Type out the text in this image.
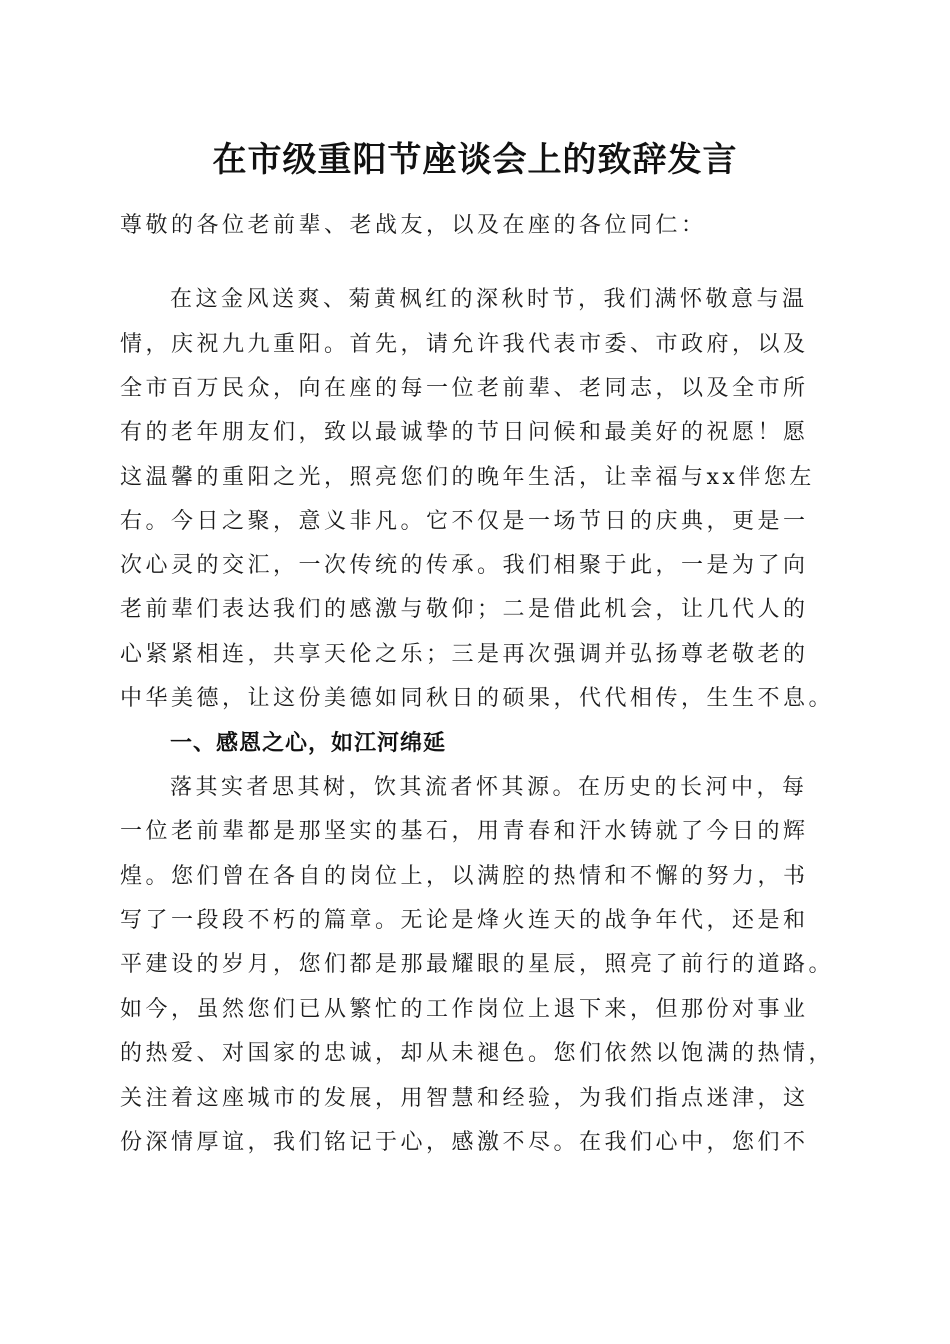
在市级重阳节座谈会上的致辞发言
尊敬的各位老前辈、老战友，以及在座的各位同仁：
在这金风送爽、菊黄枫红的深秋时节，我们满怀敬意与温
情，庆祝九九重阳。首先，请允许我代表市委、市政府，以及
全市百万民众，向在座的每一位老前辈、老同志，以及全市所
有的老年朋友们，致以最诚挚的节日问候和最美好的祝愿！愿
这温馨的重阳之光，照亮您们的晚年生活，让幸福与xx伴您左
右。今日之聚，意义非凡。它不仅是一场节日的庆典，更是一
次心灵的交汇，一次传统的传承。我们相聚于此，一是为了向
老前辈们表达我们的感激与敬仰；二是借此机会，让几代人的
心紧紧相连，共享天伦之乐；三是再次强调并弘扬尊老敬老的
中华美德，让这份美德如同秋日的硕果，代代相传，生生不息。
一、感恩之心，如江河绵延
落其实者思其树，饮其流者怀其源。在历史的长河中，每
一位老前辈都是那坚实的基石，用青春和汗水铸就了今日的辉
煌。您们曾在各自的岗位上，以满腔的热情和不懈的努力，书
写了一段段不朽的篇章。无论是烽火连天的战争年代，还是和
平建设的岁月，您们都是那最耀眼的星辰，照亮了前行的道路。
如今，虽然您们已从繁忙的工作岗位上退下来，但那份对事业
的热爱、对国家的忠诚，却从未褪色。您们依然以饱满的热情，
关注着这座城市的发展，用智慧和经验，为我们指点迷津，这
份深情厚谊，我们铭记于心，感激不尽。在我们心中，您们不
